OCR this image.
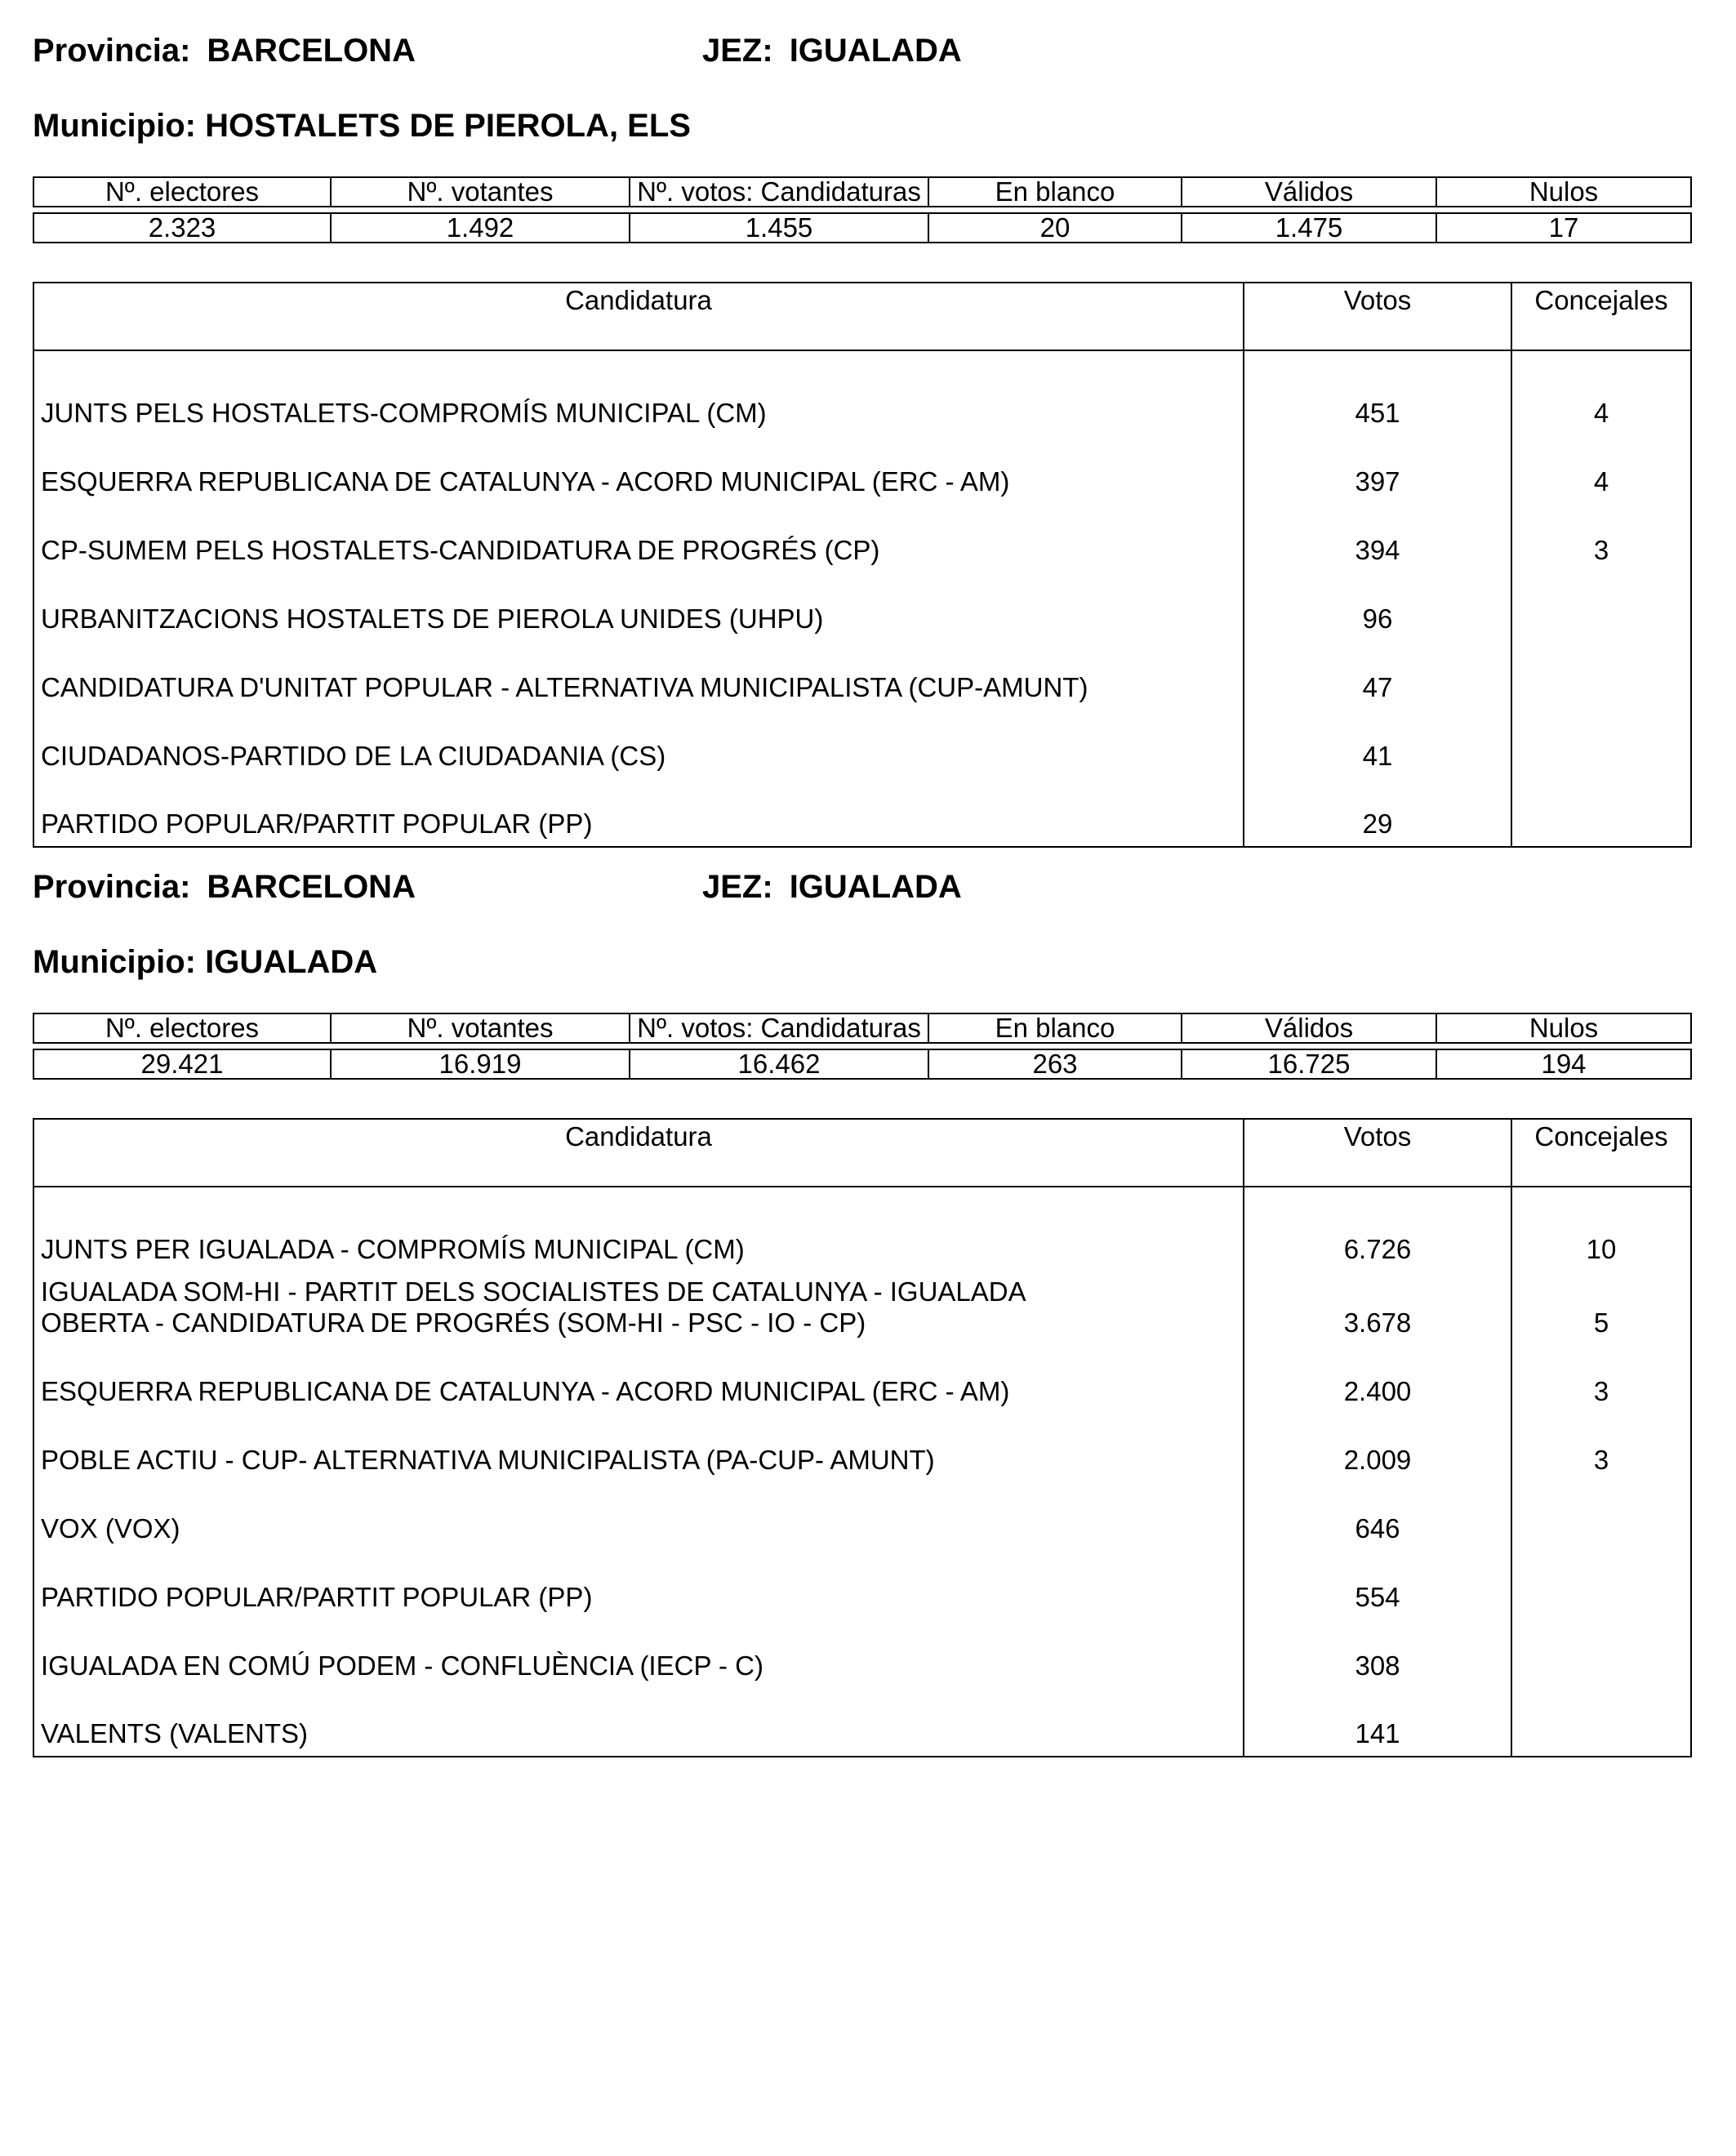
Provincia: BARCELONA	JEZ: IGUALADA
Municipio: HOSTALETS DE PIEROLA, ELS
Nº. electores	Nº. votantes	Nº. votos: Candidaturas	En blanco	Válidos	Nulos

2.323	1.492	1.455	20	1.475	17
Candidatura	Votos	Concejales
JUNTS PELS HOSTALETS-COMPROMÍS MUNICIPAL (CM)	451	4
ESQUERRA REPUBLICANA DE CATALUNYA - ACORD MUNICIPAL (ERC - AM)	397	4
CP-SUMEM PELS HOSTALETS-CANDIDATURA DE PROGRÉS (CP)	394	3
URBANITZACIONS HOSTALETS DE PIEROLA UNIDES (UHPU)	96	
CANDIDATURA D'UNITAT POPULAR - ALTERNATIVA MUNICIPALISTA (CUP-AMUNT)	47	
CIUDADANOS-PARTIDO DE LA CIUDADANIA (CS)	41	
PARTIDO POPULAR/PARTIT POPULAR (PP)	29	
Provincia: BARCELONA	JEZ: IGUALADA
Municipio: IGUALADA
Nº. electores	Nº. votantes	Nº. votos: Candidaturas	En blanco	Válidos	Nulos

29.421	16.919	16.462	263	16.725	194
Candidatura	Votos	Concejales
JUNTS PER IGUALADA - COMPROMÍS MUNICIPAL (CM)	6.726	10
IGUALADA SOM-HI - PARTIT DELS SOCIALISTES DE CATALUNYA - IGUALADA OBERTA - CANDIDATURA DE PROGRÉS (SOM-HI - PSC - IO - CP)	3.678	5
ESQUERRA REPUBLICANA DE CATALUNYA - ACORD MUNICIPAL (ERC - AM)	2.400	3
POBLE ACTIU - CUP- ALTERNATIVA MUNICIPALISTA (PA-CUP- AMUNT)	2.009	3
VOX (VOX)	646	
PARTIDO POPULAR/PARTIT POPULAR (PP)	554	
IGUALADA EN COMÚ PODEM - CONFLUÈNCIA (IECP - C)	308	
VALENTS (VALENTS)	141	
